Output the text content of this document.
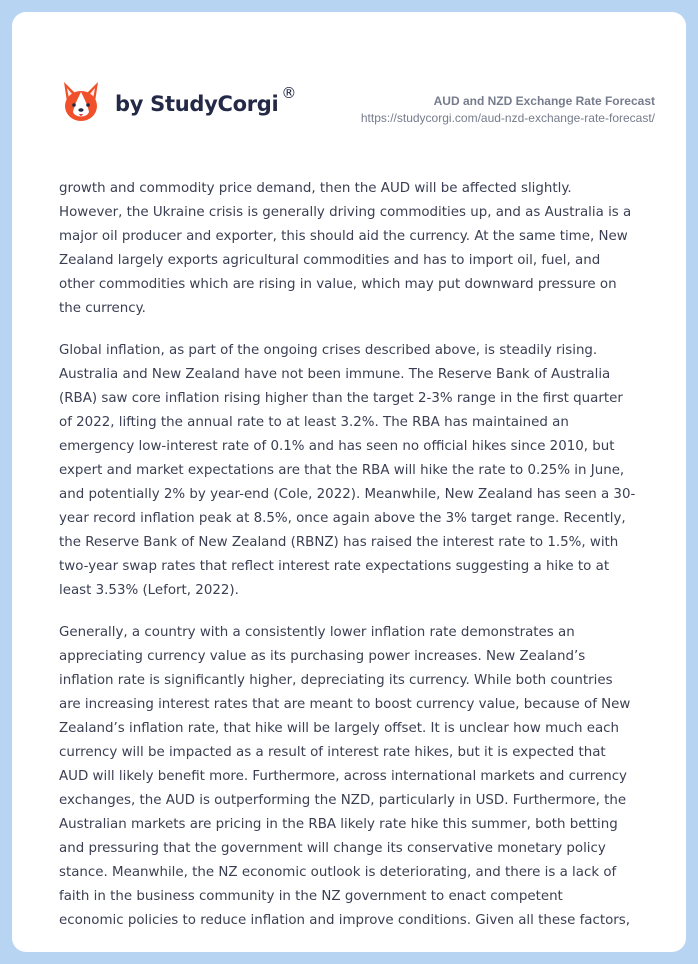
by StudyCorgi ®	AUD and NZD Exchange Rate Forecast
https://studycorgi.com/aud-nzd-exchange-rate-forecast/

growth and commodity price demand, then the AUD will be affected slightly.
However, the Ukraine crisis is generally driving commodities up, and as Australia is a
major oil producer and exporter, this should aid the currency. At the same time, New
Zealand largely exports agricultural commodities and has to import oil, fuel, and
other commodities which are rising in value, which may put downward pressure on
the currency.

Global inflation, as part of the ongoing crises described above, is steadily rising.
Australia and New Zealand have not been immune. The Reserve Bank of Australia
(RBA) saw core inflation rising higher than the target 2-3% range in the first quarter
of 2022, lifting the annual rate to at least 3.2%. The RBA has maintained an
emergency low-interest rate of 0.1% and has seen no official hikes since 2010, but
expert and market expectations are that the RBA will hike the rate to 0.25% in June,
and potentially 2% by year-end (Cole, 2022). Meanwhile, New Zealand has seen a 30-
year record inflation peak at 8.5%, once again above the 3% target range. Recently,
the Reserve Bank of New Zealand (RBNZ) has raised the interest rate to 1.5%, with
two-year swap rates that reflect interest rate expectations suggesting a hike to at
least 3.53% (Lefort, 2022).

Generally, a country with a consistently lower inflation rate demonstrates an
appreciating currency value as its purchasing power increases. New Zealand’s
inflation rate is significantly higher, depreciating its currency. While both countries
are increasing interest rates that are meant to boost currency value, because of New
Zealand’s inflation rate, that hike will be largely offset. It is unclear how much each
currency will be impacted as a result of interest rate hikes, but it is expected that
AUD will likely benefit more. Furthermore, across international markets and currency
exchanges, the AUD is outperforming the NZD, particularly in USD. Furthermore, the
Australian markets are pricing in the RBA likely rate hike this summer, both betting
and pressuring that the government will change its conservative monetary policy
stance. Meanwhile, the NZ economic outlook is deteriorating, and there is a lack of
faith in the business community in the NZ government to enact competent
economic policies to reduce inflation and improve conditions. Given all these factors,
